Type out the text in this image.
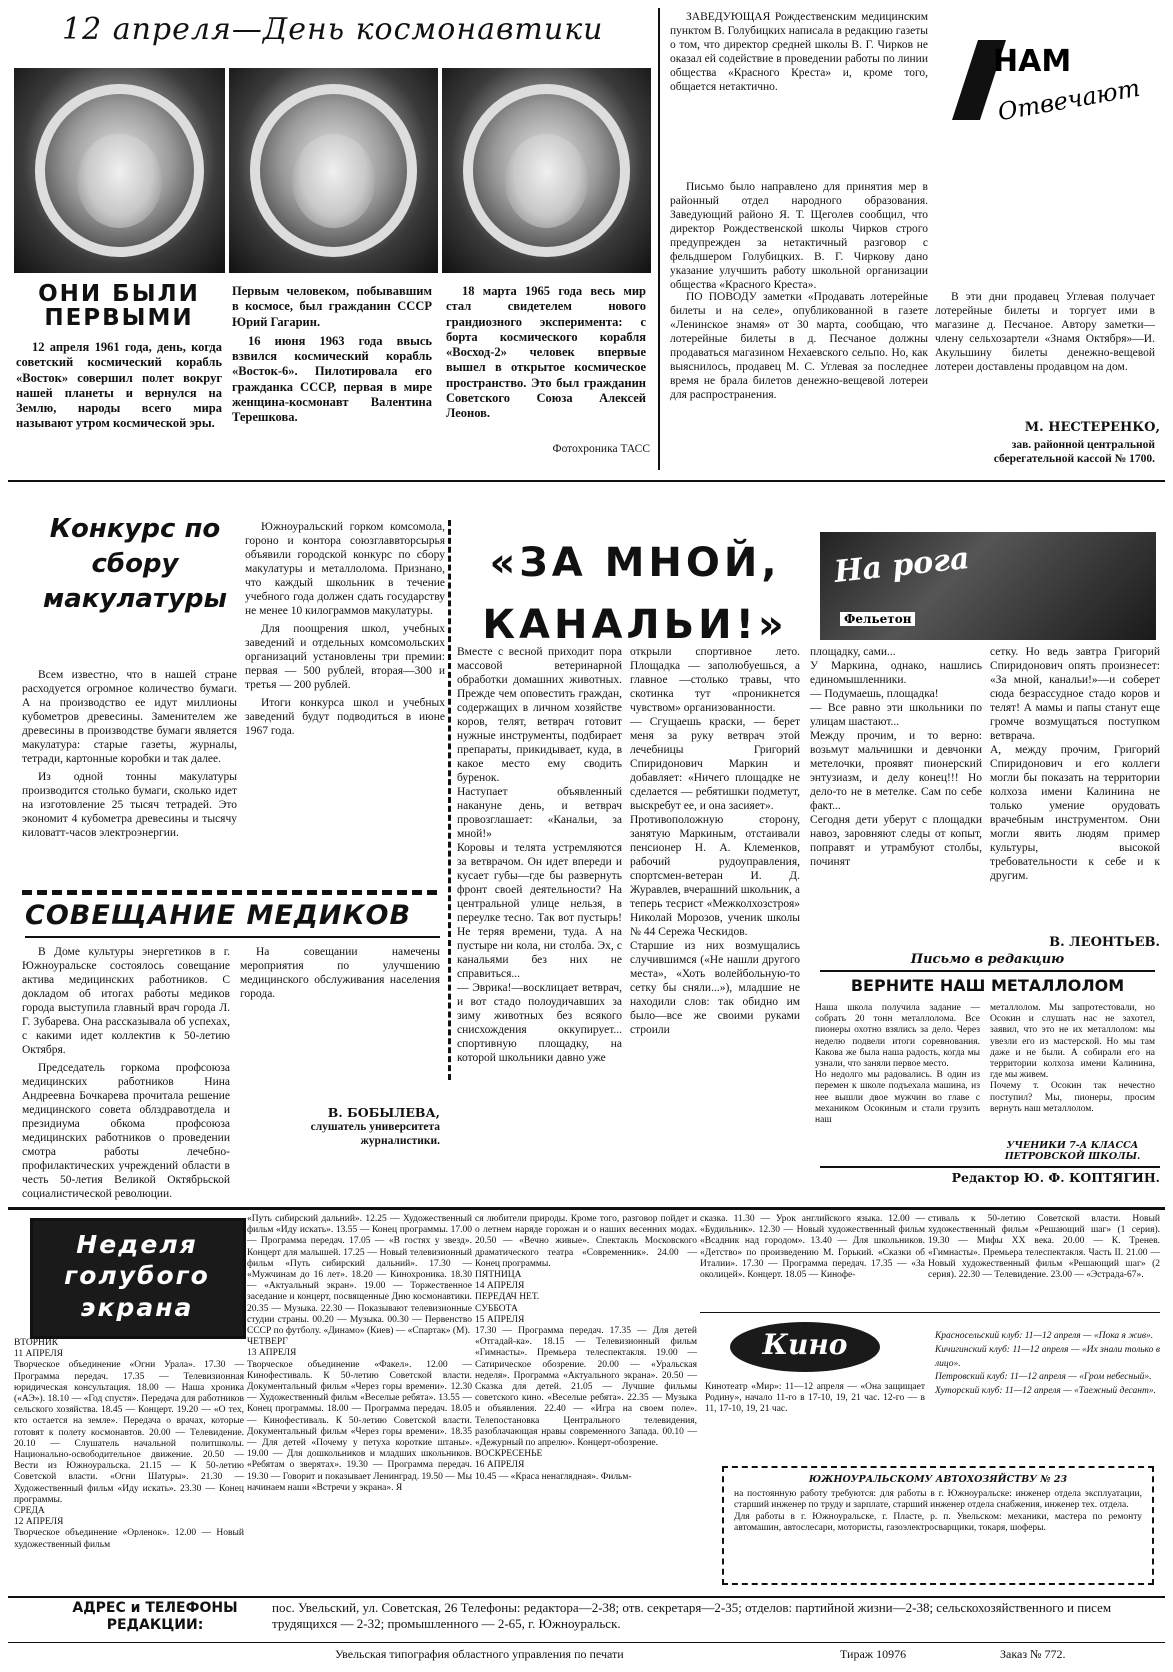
12 апреля—День космонавтики
ОНИ БЫЛИ ПЕРВЫМИ

12 апреля 1961 года, день, когда советский космический корабль «Восток» совершил полет вокруг нашей планеты и вернулся на Землю, народы всего мира называют утром космической эры.

Первым человеком, побывавшим в космосе, был гражданин СССР Юрий Гагарин.

16 июня 1963 года ввысь взвился космический корабль «Восток-6». Пилотировала его гражданка СССР, первая в мире женщина-космонавт Валентина Терешкова.

18 марта 1965 года весь мир стал свидетелем нового грандиозного эксперимента: с борта космического корабля «Восход-2» человек впервые вышел в открытое космическое пространство. Это был гражданин Советского Союза Алексей Леонов.

Фотохроника ТАСС
НАМ
Отвечают

ЗАВЕДУЮЩАЯ Рождественским медицинским пунктом В. Голубицких написала в редакцию газеты о том, что директор средней школы В. Г. Чирков не оказал ей содействие в проведении работы по линии общества «Красного Креста» и, кроме того, общается нетактично.

Письмо было направлено для принятия мер в районный отдел народного образования. Заведующий районо Я. Т. Щеголев сообщил, что директор Рождественской школы Чирков строго предупрежден за нетактичный разговор с фельдшером Голубицких. В. Г. Чиркову дано указание улучшить работу школьной организации общества «Красного Креста».

ПО ПОВОДУ заметки «Продавать лотерейные билеты и на селе», опубликованной в газете «Ленинское знамя» от 30 марта, сообщаю, что лотерейные билеты в д. Песчаное должны продаваться магазином Нехаевского сельпо. Но, как выяснилось, продавец М. С. Углевая за последнее время не брала билетов денежно-вещевой лотереи для распространения.

В эти дни продавец Углевая получает лотерейные билеты и торгует ими в магазине д. Песчаное. Автору заметки—члену сельхозартели «Знамя Октября»—И. Акульшину билеты денежно-вещевой лотереи доставлены продавцом на дом.

М. НЕСТЕРЕНКО,
зав. районной центральной сберегательной кассой № 1700.
Конкурс по сбору макулатуры

Всем известно, что в нашей стране расходуется огромное количество бумаги. А на производство ее идут миллионы кубометров древесины. Заменителем же древесины в производстве бумаги является макулатура: старые газеты, журналы, тетради, картонные коробки и так далее.

Из одной тонны макулатуры производится столько бумаги, сколько идет на изготовление 25 тысяч тетрадей. Это экономит 4 кубометра древесины и тысячу киловатт-часов электроэнергии.

Южноуральский горком комсомола, гороно и контора союзглаввторсырья объявили городской конкурс по сбору макулатуры и металлолома. Признано, что каждый школьник в течение учебного года должен сдать государству не менее 10 килограммов макулатуры.

Для поощрения школ, учебных заведений и отдельных комсомольских организаций установлены три премии: первая — 500 рублей, вторая—300 и третья — 200 рублей.

Итоги конкурса школ и учебных заведений будут подводиться в июне 1967 года.

СОВЕЩАНИЕ МЕДИКОВ

В Доме культуры энергетиков в г. Южноуральске состоялось совещание актива медицинских работников. С докладом об итогах работы медиков города выступила главный врач города Л. Г. Зубарева. Она рассказывала об успехах, с какими идет коллектив к 50-летию Октября.

Председатель горкома профсоюза медицинских работников Нина Андреевна Бочкарева прочитала решение медицинского совета облздравотдела и президиума обкома профсоюза медицинских работников о проведении смотра работы лечебно-профилактических учреждений области в честь 50-летия Великой Октябрьской социалистической революции.

На совещании намечены мероприятия по улучшению медицинского обслуживания населения города.

В. БОБЫЛЕВА,
слушатель университета журналистики.
На рога
Фельетон
«ЗА МНОЙ, КАНАЛЬИ!»
Вместе с весной приходит пора массовой ветеринарной обработки домашних животных. Прежде чем оповестить граждан, содержащих в личном хозяйстве коров, телят, ветврач готовит нужные инструменты, подбирает препараты, прикидывает, куда, в какое место ему сводить буренок.
Наступает объявленный накануне день, и ветврач провозглашает: «Канальи, за мной!»
Коровы и телята устремляются за ветврачом. Он идет впереди и кусает губы—где бы развернуть фронт своей деятельности? На центральной улице нельзя, в переулке тесно. Так вот пустырь! Не теряя времени, туда. А на пустыре ни кола, ни столба. Эх, с канальями без них не справиться...
— Эврика!—восклицает ветврач, и вот стадо полоудичавших за зиму животных без всякого снисхождения оккупирует... спортивную площадку, на которой школьники давно уже
открыли спортивное лето. Площадка — заполюбуешься, а главное —столько травы, что скотинка тут «проникнется чувством» организованности.
— Сгущаешь краски, — берет меня за руку ветврач этой лечебницы Григорий Спиридонович Маркин и добавляет: «Ничего площадке не сделается — ребятишки подметут, выскребут ее, и она засияет».
Противоположную сторону, занятую Маркиным, отстаивали пенсионер Н. А. Клеменков, рабочий рудоуправления, спортсмен-ветеран И. Д. Журавлев, вчерашний школьник, а теперь тесрист «Межколхозстроя» Николай Морозов, ученик школы № 44 Сережа Ческидов.
Старшие из них возмущались случившимся («Не нашли другого места», «Хоть волейбольную-то сетку бы сняли...»), младшие не находили слов: так обидно им было—все же своими руками строили
площадку, сами...
У Маркина, однако, нашлись единомышленники.
— Подумаешь, площадка!
— Все равно эти школьники по улицам шастают...
Между прочим, и то верно: возьмут мальчишки и девчонки метелочки, проявят пионерский энтузиазм, и делу конец!!! Но дело-то не в метелке. Сам по себе факт...
Сегодня дети уберут с площадки навоз, заровняют следы от копыт, поправят и утрамбуют столбы, починят
сетку. Но ведь завтра Григорий Спиридонович опять произнесет: «За мной, канальи!»—и соберет сюда безрассудное стадо коров и телят! А мамы и папы станут еще громче возмущаться поступком ветврача.
А, между прочим, Григорий Спиридонович и его коллеги могли бы показать на территории колхоза имени Калинина не только умение орудовать врачебным инструментом. Они могли явить людям пример культуры, высокой требовательности к себе и к другим.
В. ЛЕОНТЬЕВ.
Письмо в редакцию
ВЕРНИТЕ НАШ МЕТАЛЛОЛОМ
Наша школа получила задание — собрать 20 тонн металлолома. Все пионеры охотно взялись за дело. Через неделю подвели итоги соревнования. Какова же была наша радость, когда мы узнали, что заняли первое место.
Но недолго мы радовались. В один из перемен к школе подъехала машина, из нее вышли двое мужчин во главе с механиком Осокиным и стали грузить наш
металлолом. Мы запротестовали, но Осокин и слушать нас не захотел, заявил, что это не их металлолом: мы увезли его из мастерской. Но мы там даже и не были. А собирали его на территории колхоза имени Калинина, где мы живем.
Почему т. Осокин так нечестно поступил? Мы, пионеры, просим вернуть наш металлолом.
УЧЕНИКИ 7-А КЛАССА ПЕТРОВСКОЙ ШКОЛЫ.
Редактор Ю. Ф. КОПТЯГИН.
Неделя голубого экрана
ВТОРНИК
11 АПРЕЛЯ
Творческое объединение «Огни Урала». 17.30 — Программа передач. 17.35 — Телевизионная юридическая консультация. 18.00 — Наша хроника («АЭ»). 18.10 — «Год спустя». Передача для работников сельского хозяйства. 18.45 — Концерт. 19.20 — «О тех, кто остается на земле». Передача о врачах, которые готовят к полету космонавтов. 20.00 — Телевидение. 20.10 — Слушатель начальной политшколы. Национально-освободительное движение. 20.50 — Вести из Южноуральска. 21.15 — К 50-летию Советской власти. «Огни Шатуры». 21.30 — Художественный фильм «Иду искать». 23.30 — Конец программы.
СРЕДА
12 АПРЕЛЯ
Творческое объединение «Орленок». 12.00 — Новый художественный фильм
«Путь сибирский дальний». 12.25 — Художественный фильм «Иду искать». 13.55 — Конец программы. 17.00 — Программа передач. 17.05 — «В гостях у звезд». Концерт для малышей. 17.25 — Новый телевизионный фильм «Путь сибирский дальний». 17.30 — «Мужчинам до 16 лет». 18.20 — Кинохроника. 18.30 — «Актуальный экран». 19.00 — Торжественное заседание и концерт, посвященные Дню космонавтики. 20.35 — Музыка. 22.30 — Показывают телевизионные студии страны. 00.20 — Музыка. 00.30 — Первенство СССР по футболу. «Динамо» (Киев) — «Спартак» (М).
ЧЕТВЕРГ
13 АПРЕЛЯ
Творческое объединение «Факел». 12.00 — Кинофестиваль. К 50-летию Советской власти. Документальный фильм «Через горы времени». 12.30 — Художественный фильм «Веселые ребята». 13.55 — Конец программы. 18.00 — Программа передач. 18.05 — Кинофестиваль. К 50-летию Советской власти. Документальный фильм «Через горы времени». 18.35 — Для детей «Почему у петуха короткие штаны». 19.00 — Для дошкольников и младших школьников. «Ребятам о зверятах». 19.30 — Программа передач. 19.30 — Говорит и показывает Ленинград. 19.50 — Мы начинаем наши «Встречи у экрана». Я
ся любители природы. Кроме того, разговор пойдет и о летнем наряде горожан и о наших весенних модах. 20.50 — «Вечно живые». Спектакль Московского драматического театра «Современник». 24.00 — Конец программы.
ПЯТНИЦА
14 АПРЕЛЯ
ПЕРЕДАЧ НЕТ.
СУББОТА
15 АПРЕЛЯ
17.30 — Программа передач. 17.35 — Для детей «Отгадай-ка». 18.15 — Телевизионный фильм «Гимнасты». Премьера телеспектакля. 19.00 — Сатирическое обозрение. 20.00 — «Уральская неделя». Программа «Актуального экрана». 20.50 — Сказка для детей. 21.05 — Лучшие фильмы советского кино. «Веселые ребята». 22.35 — Музыка и объявления. 22.40 — «Игра на своем поле». Телепостановка Центрального телевидения, разоблачающая нравы современного Запада. 00.10 — «Дежурный по апрелю». Концерт-обозрение.
ВОСКРЕСЕНЬЕ
16 АПРЕЛЯ
10.45 — «Краса ненаглядная». Фильм-
сказка. 11.30 — Урок английского языка. 12.00 — «Будильник». 12.30 — Новый художественный фильм «Всадник над городом». 13.40 — Для школьников. «Детство» по произведению М. Горький. «Сказки об Италии». 17.30 — Программа передач. 17.35 — «За околицей». Концерт. 18.05 — Кинофе-
стиваль к 50-летию Советской власти. Новый художественный фильм «Решающий шаг» (1 серия). 19.30 — Мифы XX века. 20.00 — К. Тренев. «Гимнасты». Премьера телеспектакля. Часть II. 21.00 — Новый художественный фильм «Решающий шаг» (2 серия). 22.30 — Телевидение. 23.00 — «Эстрада-67».
Кино
Кинотеатр «Мир»: 11—12 апреля — «Она защищает Родину», начало 11-го в 17-10, 19, 21 час. 12-го — в 11, 17-10, 19, 21 час.
Красносельский клуб: 11—12 апреля — «Пока я жив».
Кичигинский клуб: 11—12 апреля — «Их знали только в лицо».
Петровский клуб: 11—12 апреля — «Гром небесный».
Хуторский клуб: 11—12 апреля — «Таежный десант».
ЮЖНОУРАЛЬСКОМУ АВТОХОЗЯЙСТВУ № 23
на постоянную работу требуются: для работы в г. Южноуральске: инженер отдела эксплуатации, старший инженер по труду и зарплате, старший инженер отдела снабжения, инженер тех. отдела.
Для работы в г. Южноуральске, г. Пласте, р. п. Увельском: механики, мастера по ремонту автомашин, автослесари, мотористы, газоэлектросварщики, токаря, шоферы.
АДРЕС и ТЕЛЕФОНЫ РЕДАКЦИИ:
пос. Увельский, ул. Советская, 26 Телефоны: редактора—2-38; отв. секретаря—2-35; отделов: партийной жизни—2-38; сельскохозяйственного и писем трудящихся — 2-32; промышленного — 2-65, г. Южноуральск.
Увельская типография областного управления по печати	Тираж 10976	Заказ № 772.
